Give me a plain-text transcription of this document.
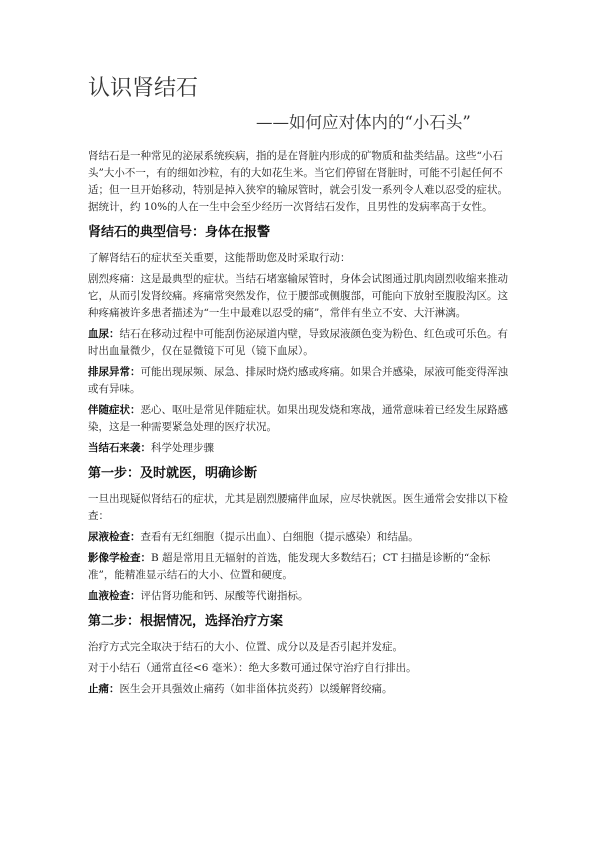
认识肾结石
——如何应对体内的“小石头”

肾结石是一种常见的泌尿系统疾病，指的是在肾脏内形成的矿物质和盐类结晶。这些“小石头”大小不一，有的细如沙粒，有的大如花生米。当它们停留在肾脏时，可能不引起任何不适；但一旦开始移动，特别是掉入狭窄的输尿管时，就会引发一系列令人难以忍受的症状。据统计，约 10%的人在一生中会至少经历一次肾结石发作，且男性的发病率高于女性。

肾结石的典型信号：身体在报警

了解肾结石的症状至关重要，这能帮助您及时采取行动：

剧烈疼痛：这是最典型的症状。当结石堵塞输尿管时，身体会试图通过肌肉剧烈收缩来推动它，从而引发肾绞痛。疼痛常突然发作，位于腰部或侧腹部，可能向下放射至腹股沟区。这种疼痛被许多患者描述为“一生中最难以忍受的痛”，常伴有坐立不安、大汗淋漓。

血尿：结石在移动过程中可能刮伤泌尿道内壁，导致尿液颜色变为粉色、红色或可乐色。有时出血量微少，仅在显微镜下可见（镜下血尿）。

排尿异常：可能出现尿频、尿急、排尿时烧灼感或疼痛。如果合并感染，尿液可能变得浑浊或有异味。

伴随症状：恶心、呕吐是常见伴随症状。如果出现发烧和寒战，通常意味着已经发生尿路感染，这是一种需要紧急处理的医疗状况。

当结石来袭：科学处理步骤

第一步：及时就医，明确诊断

一旦出现疑似肾结石的症状，尤其是剧烈腰痛伴血尿，应尽快就医。医生通常会安排以下检查：

尿液检查：查看有无红细胞（提示出血）、白细胞（提示感染）和结晶。

影像学检查：B 超是常用且无辐射的首选，能发现大多数结石；CT 扫描是诊断的“金标准”，能精准显示结石的大小、位置和硬度。

血液检查：评估肾功能和钙、尿酸等代谢指标。

第二步：根据情况，选择治疗方案

治疗方式完全取决于结石的大小、位置、成分以及是否引起并发症。

对于小结石（通常直径<6 毫米）：绝大多数可通过保守治疗自行排出。

止痛：医生会开具强效止痛药（如非甾体抗炎药）以缓解肾绞痛。
